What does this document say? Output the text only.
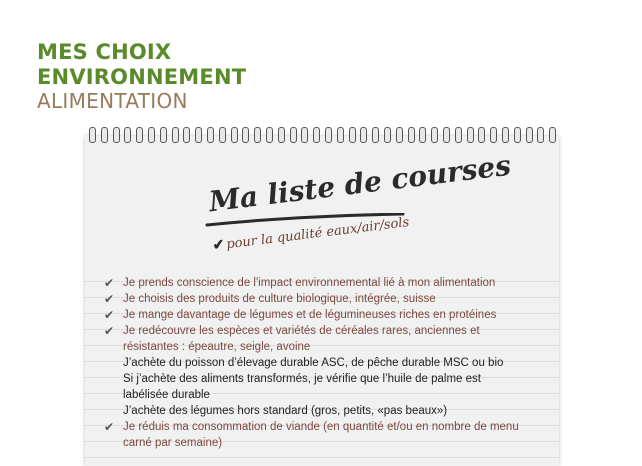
MES CHOIX
ENVIRONNEMENT
ALIMENTATION
Ma liste de courses
✔pour la qualité eaux/air/sols
✔ Je prends conscience de l'impact environnemental lié à mon alimentation
✔ Je choisis des produits de culture biologique, intégrée, suisse
✔ Je mange davantage de légumes et de légumineuses riches en protéines
✔ Je redécouvre les espèces et variétés de céréales rares, anciennes et résistantes : épeautre, seigle, avoine
J’achète du poisson d’élevage durable ASC, de pêche durable MSC ou bio
Si j’achète des aliments transformés, je vérifie que l’huile de palme est labélisée durable
J’achète des légumes hors standard (gros, petits, «pas beaux»)
✔ Je réduis ma consommation de viande (en quantité et/ou en nombre de menu carné par semaine)
